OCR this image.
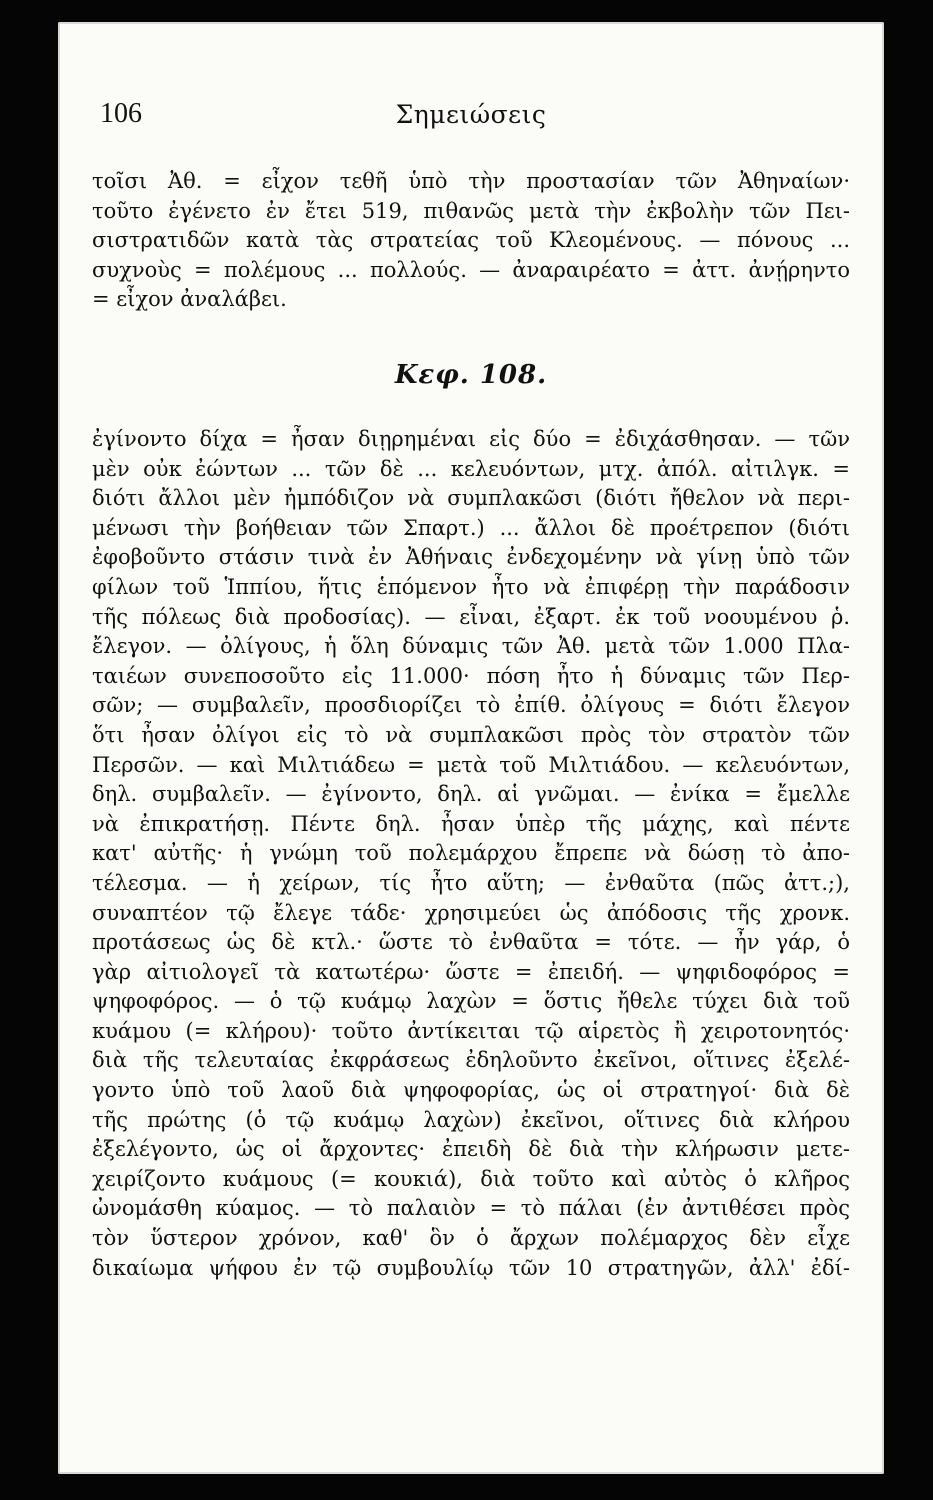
106	Σημειώσεις
τοῖσι Ἀθ. = εἶχον τεθῆ ὑπὸ τὴν προστασίαν τῶν Ἀθηναίων·
τοῦτο ἐγένετο ἐν ἔτει 519, πιθανῶς μετὰ τὴν ἐκβολὴν τῶν Πει-
σιστρατιδῶν κατὰ τὰς στρατείας τοῦ Κλεομένους. — πόνους ...
συχνοὺς = πολέμους ... πολλούς. — ἀναραιρέατο = ἀττ. ἀνῄρηντο
= εἶχον ἀναλάβει.
Κεφ. 108.
ἐγίνοντο δίχα = ἦσαν διῃρημέναι εἰς δύο = ἐδιχάσθησαν. — τῶν
μὲν οὐκ ἐώντων ... τῶν δὲ ... κελευόντων, μτχ. ἀπόλ. αἰτιλγκ. =
διότι ἄλλοι μὲν ἠμπόδιζον νὰ συμπλακῶσι (διότι ἤθελον νὰ περι-
μένωσι τὴν βοήθειαν τῶν Σπαρτ.) ... ἄλλοι δὲ προέτρεπον (διότι
ἐφοβοῦντο στάσιν τινὰ ἐν Ἀθήναις ἐνδεχομένην νὰ γίνῃ ὑπὸ τῶν
φίλων τοῦ Ἱππίου, ἥτις ἑπόμενον ἦτο νὰ ἐπιφέρῃ τὴν παράδοσιν
τῆς πόλεως διὰ προδοσίας). — εἶναι, ἐξαρτ. ἐκ τοῦ νοουμένου ῥ.
ἔλεγον. — ὀλίγους, ἡ ὅλη δύναμις τῶν Ἀθ. μετὰ τῶν 1.000 Πλα-
ταιέων συνεποσοῦτο εἰς 11.000· πόση ἦτο ἡ δύναμις τῶν Περ-
σῶν; — συμβαλεῖν, προσδιορίζει τὸ ἐπίθ. ὀλίγους = διότι ἔλεγον
ὅτι ἦσαν ὀλίγοι εἰς τὸ νὰ συμπλακῶσι πρὸς τὸν στρατὸν τῶν
Περσῶν. — καὶ Μιλτιάδεω = μετὰ τοῦ Μιλτιάδου. — κελευόντων,
δηλ. συμβαλεῖν. — ἐγίνοντο, δηλ. αἱ γνῶμαι. — ἐνίκα = ἔμελλε
νὰ ἐπικρατήσῃ. Πέντε δηλ. ἦσαν ὑπὲρ τῆς μάχης, καὶ πέντε
κατ' αὐτῆς· ἡ γνώμη τοῦ πολεμάρχου ἔπρεπε νὰ δώσῃ τὸ ἀπο-
τέλεσμα. — ἡ χείρων, τίς ἦτο αὕτη; — ἐνθαῦτα (πῶς ἀττ.;),
συναπτέον τῷ ἔλεγε τάδε· χρησιμεύει ὡς ἀπόδοσις τῆς χρονκ.
προτάσεως ὡς δὲ κτλ.· ὥστε τὸ ἐνθαῦτα = τότε. — ἦν γάρ, ὁ
γὰρ αἰτιολογεῖ τὰ κατωτέρω· ὥστε = ἐπειδή. — ψηφιδοφόρος =
ψηφοφόρος. — ὁ τῷ κυάμῳ λαχὼν = ὅστις ἤθελε τύχει διὰ τοῦ
κυάμου (= κλήρου)· τοῦτο ἀντίκειται τῷ αἱρετὸς ἢ χειροτονητός·
διὰ τῆς τελευταίας ἐκφράσεως ἐδηλοῦντο ἐκεῖνοι, οἵτινες ἐξελέ-
γοντο ὑπὸ τοῦ λαοῦ διὰ ψηφοφορίας, ὡς οἱ στρατηγοί· διὰ δὲ
τῆς πρώτης (ὁ τῷ κυάμῳ λαχὼν) ἐκεῖνοι, οἵτινες διὰ κλήρου
ἐξελέγοντο, ὡς οἱ ἄρχοντες· ἐπειδὴ δὲ διὰ τὴν κλήρωσιν μετε-
χειρίζοντο κυάμους (= κουκιά), διὰ τοῦτο καὶ αὐτὸς ὁ κλῆρος
ὠνομάσθη κύαμος. — τὸ παλαιὸν = τὸ πάλαι (ἐν ἀντιθέσει πρὸς
τὸν ὕστερον χρόνον, καθ' ὃν ὁ ἄρχων πολέμαρχος δὲν εἶχε
δικαίωμα ψήφου ἐν τῷ συμβουλίῳ τῶν 10 στρατηγῶν, ἀλλ' ἐδί-
